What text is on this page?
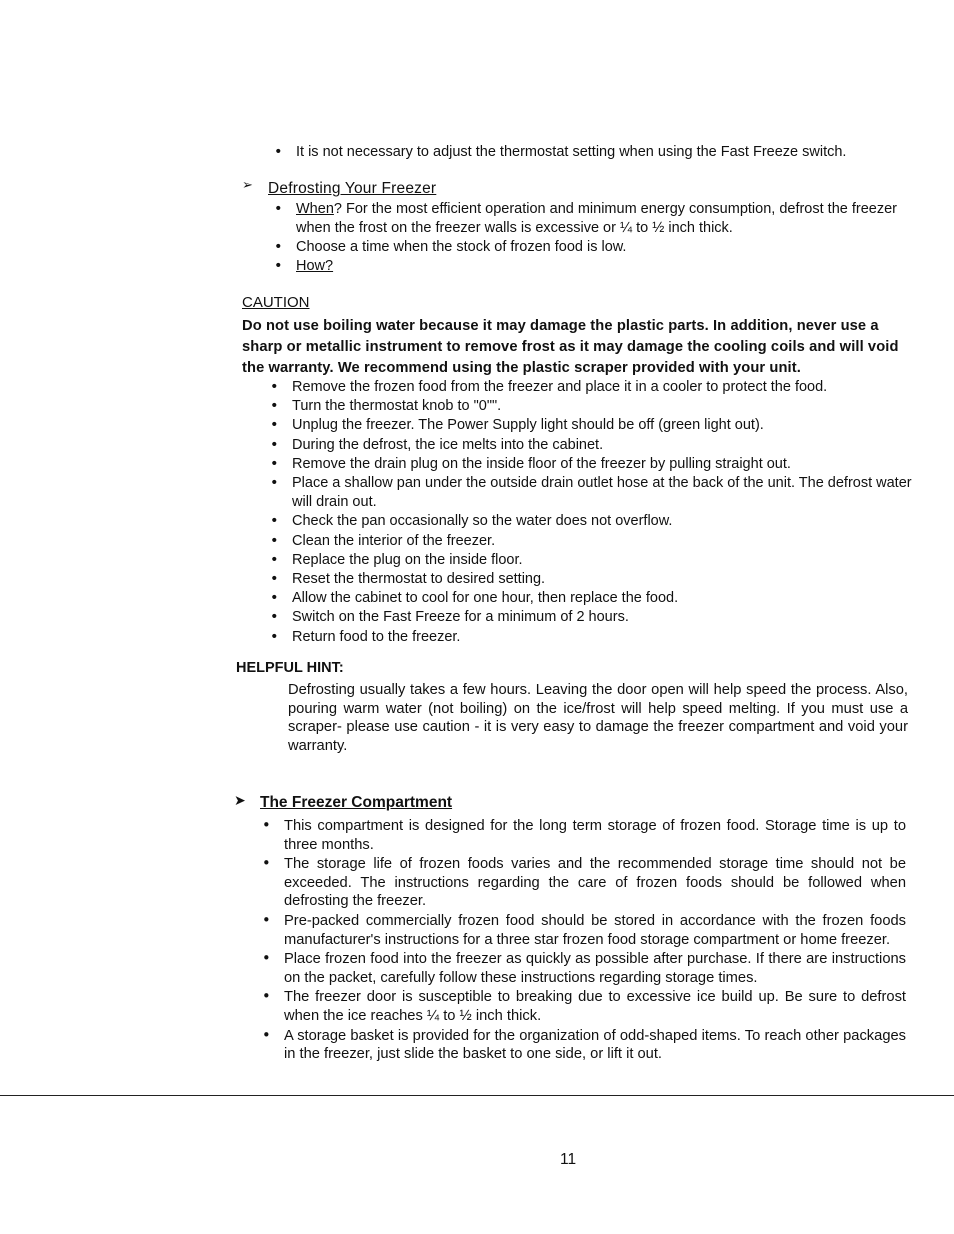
• It is not necessary to adjust the thermostat setting when using the Fast Freeze switch.
➢ Defrosting Your Freezer
• When? For the most efficient operation and minimum energy consumption, defrost the freezer when the frost on the freezer walls is excessive or ¼ to ½ inch thick.
• Choose a time when the stock of frozen food is low.
• How?
CAUTION
Do not use boiling water because it may damage the plastic parts. In addition, never use a sharp or metallic instrument to remove frost as it may damage the cooling coils and will void the warranty. We recommend using the plastic scraper provided with your unit.
• Remove the frozen food from the freezer and place it in a cooler to protect the food.
• Turn the thermostat knob to "0"".
• Unplug the freezer. The Power Supply light should be off (green light out).
• During the defrost, the ice melts into the cabinet.
• Remove the drain plug on the inside floor of the freezer by pulling straight out.
• Place a shallow pan under the outside drain outlet hose at the back of the unit. The defrost water will drain out.
• Check the pan occasionally so the water does not overflow.
• Clean the interior of the freezer.
• Replace the plug on the inside floor.
• Reset the thermostat to desired setting.
• Allow the cabinet to cool for one hour, then replace the food.
• Switch on the Fast Freeze for a minimum of 2 hours.
• Return food to the freezer.
HELPFUL HINT:
Defrosting usually takes a few hours. Leaving the door open will help speed the process. Also, pouring warm water (not boiling) on the ice/frost will help speed melting. If you must use a scraper- please use caution - it is very easy to damage the freezer compartment and void your warranty.
➤ The Freezer Compartment
• This compartment is designed for the long term storage of frozen food. Storage time is up to three months.
• The storage life of frozen foods varies and the recommended storage time should not be exceeded. The instructions regarding the care of frozen foods should be followed when defrosting the freezer.
• Pre-packed commercially frozen food should be stored in accordance with the frozen foods manufacturer's instructions for a three star frozen food storage compartment or home freezer.
• Place frozen food into the freezer as quickly as possible after purchase. If there are instructions on the packet, carefully follow these instructions regarding storage times.
• The freezer door is susceptible to breaking due to excessive ice build up. Be sure to defrost when the ice reaches ¼ to ½ inch thick.
• A storage basket is provided for the organization of odd-shaped items. To reach other packages in the freezer, just slide the basket to one side, or lift it out.
11
